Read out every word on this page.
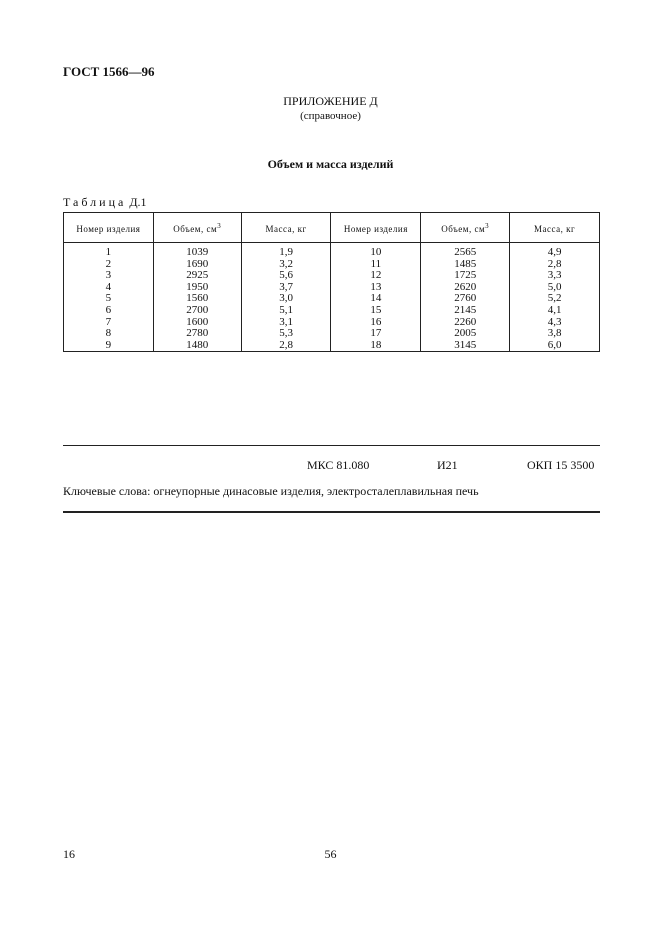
ГОСТ 1566—96
ПРИЛОЖЕНИЕ Д
(справочное)
Объем и масса изделий
Таблица Д.1
Номер изделия	Объем, $см^3$	Масса, кг	Номер изделия	Объем, $см^3$	Масса, кг
1	1039	1,9	10	2565	4,9
2	1690	3,2	11	1485	2,8
3	2925	5,6	12	1725	3,3
4	1950	3,7	13	2620	5,0
5	1560	3,0	14	2760	5,2
6	2700	5,1	15	2145	4,1
7	1600	3,1	16	2260	4,3
8	2780	5,3	17	2005	3,8
9	1480	2,8	18	3145	6,0
МКС 81.080	И21	ОКП 15 3500
Ключевые слова: огнеупорные динасовые изделия, электросталеплавильная печь
16	56
